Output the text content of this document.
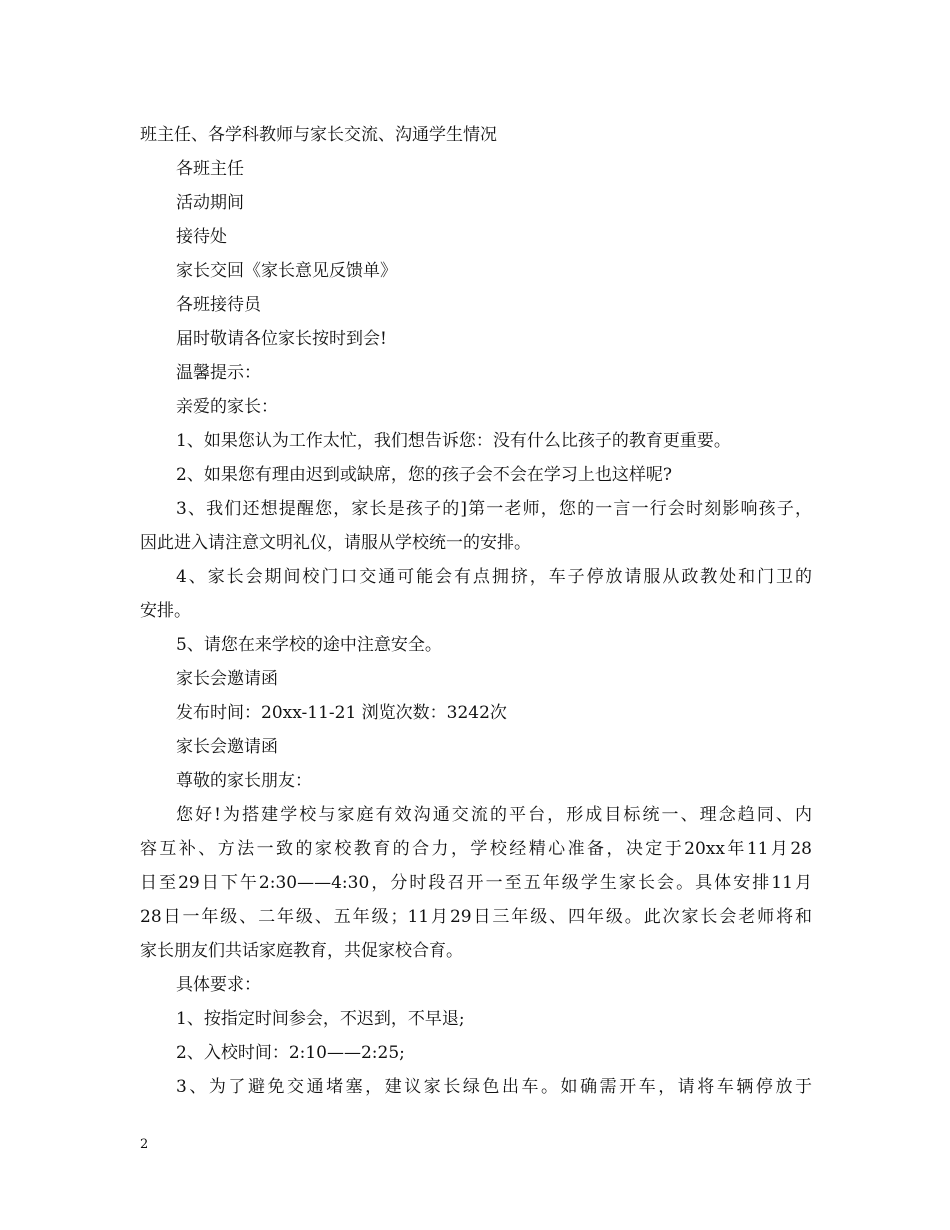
班主任、各学科教师与家长交流、沟通学生情况
各班主任
活动期间
接待处
家长交回《家长意见反馈单》
各班接待员
届时敬请各位家长按时到会!
温馨提示：
亲爱的家长：
1、如果您认为工作太忙，我们想告诉您：没有什么比孩子的教育更重要。
2、如果您有理由迟到或缺席，您的孩子会不会在学习上也这样呢?
3、我们还想提醒您，家长是孩子的]第一老师，您的一言一行会时刻影响孩子，
因此进入请注意文明礼仪，请服从学校统一的安排。
4、家长会期间校门口交通可能会有点拥挤，车子停放请服从政教处和门卫的
安排。
5、请您在来学校的途中注意安全。
家长会邀请函
发布时间：20xx-11-21 浏览次数：3242次
家长会邀请函
尊敬的家长朋友：
您好!为搭建学校与家庭有效沟通交流的平台，形成目标统一、理念趋同、内
容互补、方法一致的家校教育的合力，学校经精心准备，决定于20xx年11月28
日至29日下午2:30——4:30，分时段召开一至五年级学生家长会。具体安排11月
28日一年级、二年级、五年级；11月29日三年级、四年级。此次家长会老师将和
家长朋友们共话家庭教育，共促家校合育。
具体要求：
1、按指定时间参会，不迟到，不早退;
2、入校时间：2:10——2:25;
3、为了避免交通堵塞，建议家长绿色出车。如确需开车，请将车辆停放于
2
